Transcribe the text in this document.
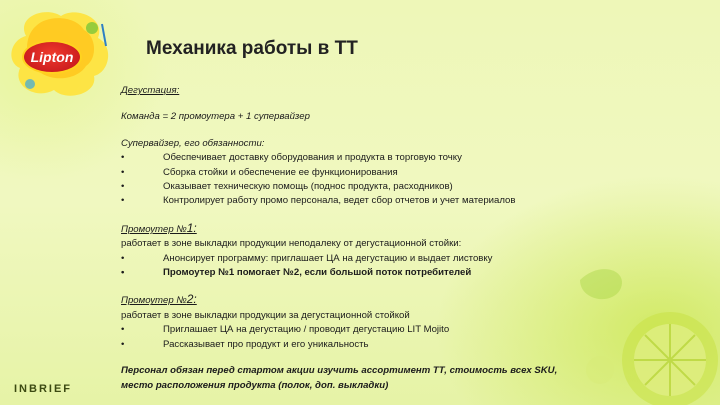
Lipton	Механика работы в ТТ

Дегустация:

Команда = 2 промоутера + 1 супервайзер

Супервайзер, его обязанности:

•	Обеспечивает доставку оборудования и продукта в торговую точку
•	Сборка стойки и обеспечение ее функционирования
•	Оказывает техническую помощь (поднос продукта, расходников)
•	Контролирует работу промо персонала, ведет сбор отчетов и учет материалов

Промоутер №1:

работает в зоне выкладки продукции неподалеку от дегустационной стойки:

•	Анонсирует программу: приглашает ЦА на дегустацию и выдает листовку
•	Промоутер №1 помогает №2, если большой поток потребителей

Промоутер №2:

работает в зоне выкладки продукции за дегустационной стойкой

•	Приглашает ЦА на дегустацию / проводит дегустацию LIT Mojito
•	Рассказывает про продукт и его уникальность

Персонал обязан перед стартом акции изучить ассортимент ТТ, стоимость всех SKU,

место расположения продукта (полок, доп. выкладки)

INBRIEF
